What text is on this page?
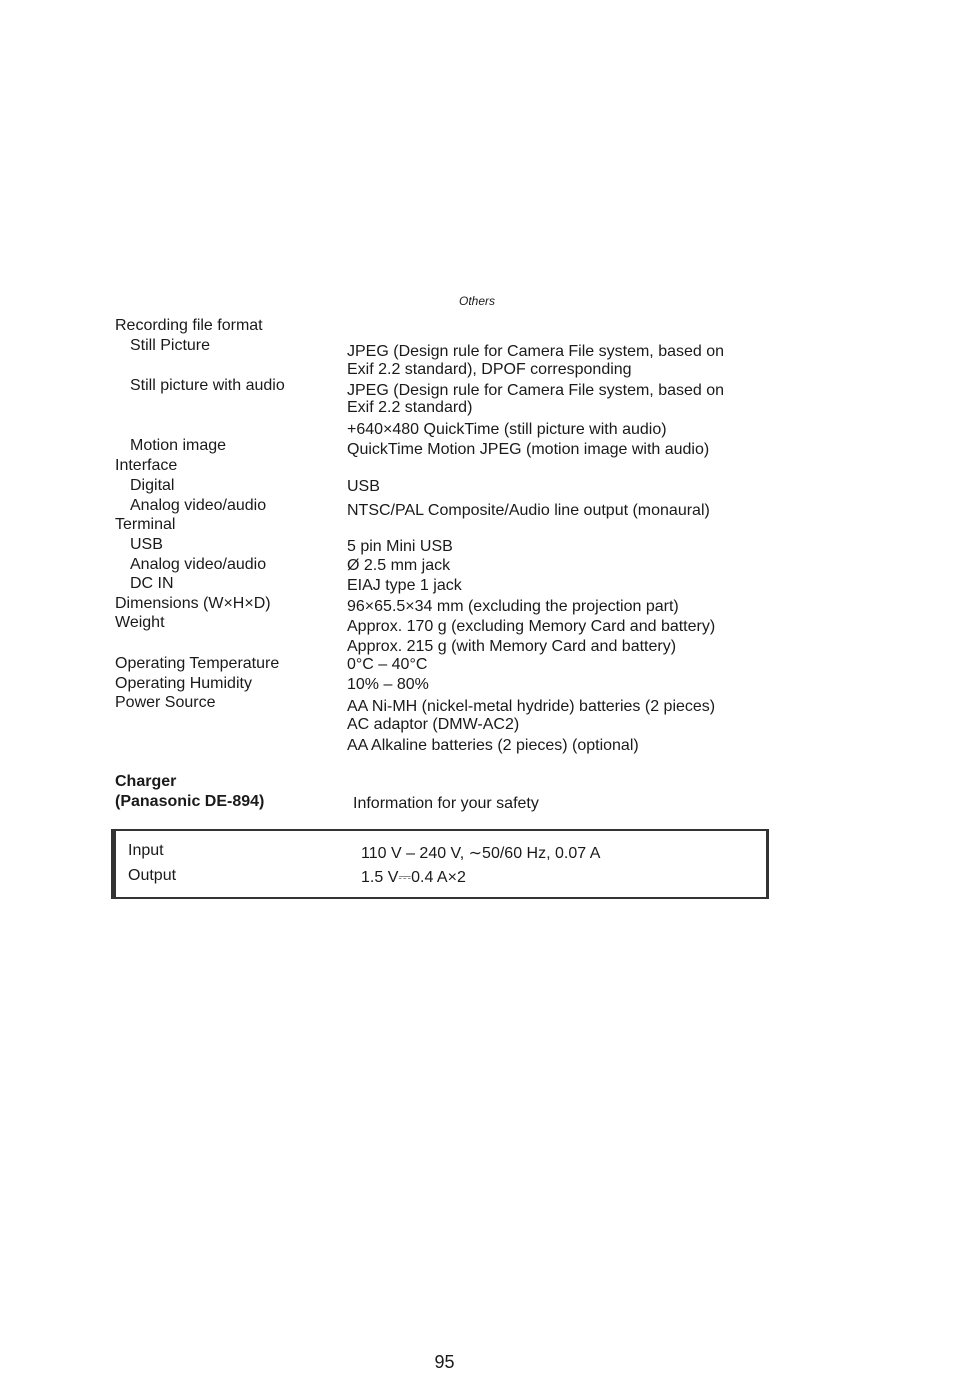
Others
Recording file format
Still Picture	JPEG (Design rule for Camera File system, based on
Exif 2.2 standard), DPOF corresponding
Still picture with audio	JPEG (Design rule for Camera File system, based on
Exif 2.2 standard)
+640×480 QuickTime (still picture with audio)
Motion image	QuickTime Motion JPEG (motion image with audio)
Interface
Digital	USB
Analog video/audio	NTSC/PAL Composite/Audio line output (monaural)
Terminal
USB	5 pin Mini USB
Analog video/audio	Ø 2.5 mm jack
DC IN	EIAJ type 1 jack
Dimensions (W×H×D)	96×65.5×34 mm (excluding the projection part)
Weight	Approx. 170 g (excluding Memory Card and battery)
Approx. 215 g (with Memory Card and battery)
Operating Temperature	0°C – 40°C
Operating Humidity	10% – 80%
Power Source	AA Ni-MH (nickel-metal hydride) batteries (2 pieces)
AC adaptor (DMW-AC2)
AA Alkaline batteries (2 pieces) (optional)
Charger
(Panasonic DE-894)	Information for your safety
Input	110 V – 240 V, ∼50/60 Hz, 0.07 A
Output	1.5 V⎓0.4 A×2
95
